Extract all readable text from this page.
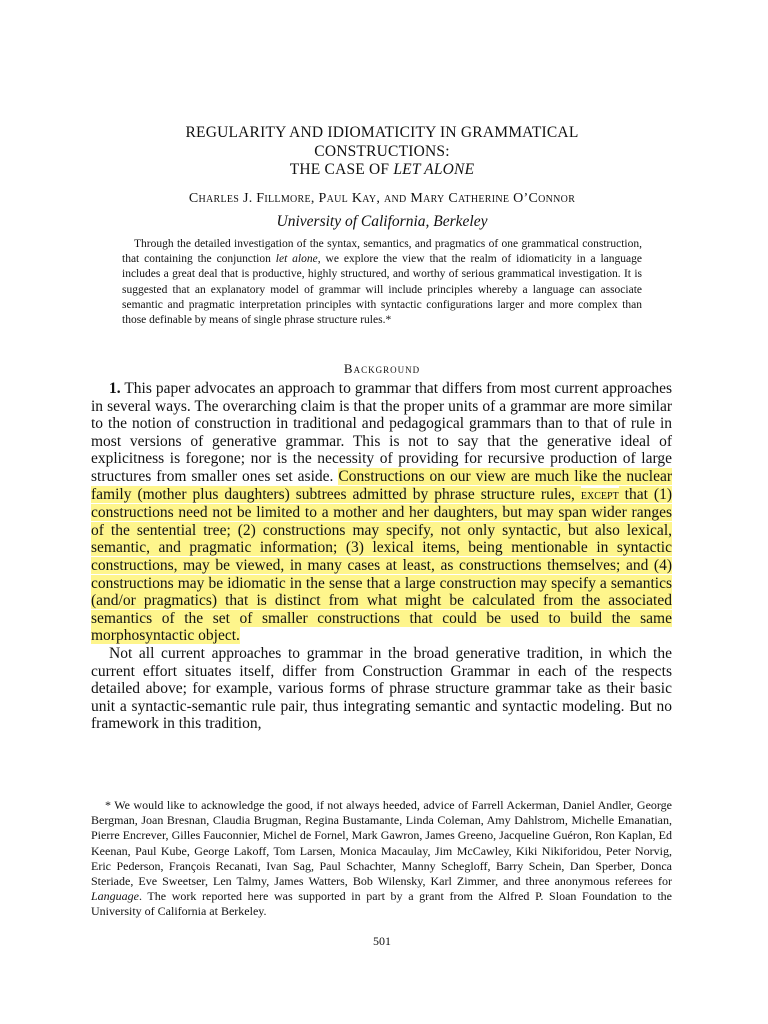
REGULARITY AND IDIOMATICITY IN GRAMMATICAL
CONSTRUCTIONS:
THE CASE OF LET ALONE
Charles J. Fillmore, Paul Kay, and Mary Catherine O’Connor
University of California, Berkeley

Through the detailed investigation of the syntax, semantics, and pragmatics of one grammatical construction, that containing the conjunction let alone, we explore the view that the realm of idiomaticity in a language includes a great deal that is productive, highly structured, and worthy of serious grammatical investigation. It is suggested that an explanatory model of grammar will include principles whereby a language can associate semantic and pragmatic interpretation principles with syntactic configurations larger and more complex than those definable by means of single phrase structure rules.*

Background

1. This paper advocates an approach to grammar that differs from most current approaches in several ways. The overarching claim is that the proper units of a grammar are more similar to the notion of construction in traditional and pedagogical grammars than to that of rule in most versions of generative grammar. This is not to say that the generative ideal of explicitness is foregone; nor is the necessity of providing for recursive production of large structures from smaller ones set aside. Constructions on our view are much like the nuclear family (mother plus daughters) subtrees admitted by phrase structure rules, except that (1) constructions need not be limited to a mother and her daughters, but may span wider ranges of the sentential tree; (2) constructions may specify, not only syntactic, but also lexical, semantic, and pragmatic information; (3) lexical items, being mentionable in syntactic constructions, may be viewed, in many cases at least, as constructions themselves; and (4) constructions may be idiomatic in the sense that a large construction may specify a semantics (and/or pragmatics) that is distinct from what might be calculated from the associated semantics of the set of smaller constructions that could be used to build the same morphosyntactic object.

Not all current approaches to grammar in the broad generative tradition, in which the current effort situates itself, differ from Construction Grammar in each of the respects detailed above; for example, various forms of phrase structure grammar take as their basic unit a syntactic-semantic rule pair, thus integrating semantic and syntactic modeling. But no framework in this tradition,

* We would like to acknowledge the good, if not always heeded, advice of Farrell Ackerman, Daniel Andler, George Bergman, Joan Bresnan, Claudia Brugman, Regina Bustamante, Linda Coleman, Amy Dahlstrom, Michelle Emanatian, Pierre Encrever, Gilles Fauconnier, Michel de Fornel, Mark Gawron, James Greeno, Jacqueline Guéron, Ron Kaplan, Ed Keenan, Paul Kube, George Lakoff, Tom Larsen, Monica Macaulay, Jim McCawley, Kiki Nikiforidou, Peter Norvig, Eric Pederson, François Recanati, Ivan Sag, Paul Schachter, Manny Schegloff, Barry Schein, Dan Sperber, Donca Steriade, Eve Sweetser, Len Talmy, James Watters, Bob Wilensky, Karl Zimmer, and three anonymous referees for Language. The work reported here was supported in part by a grant from the Alfred P. Sloan Foundation to the University of California at Berkeley.

501
